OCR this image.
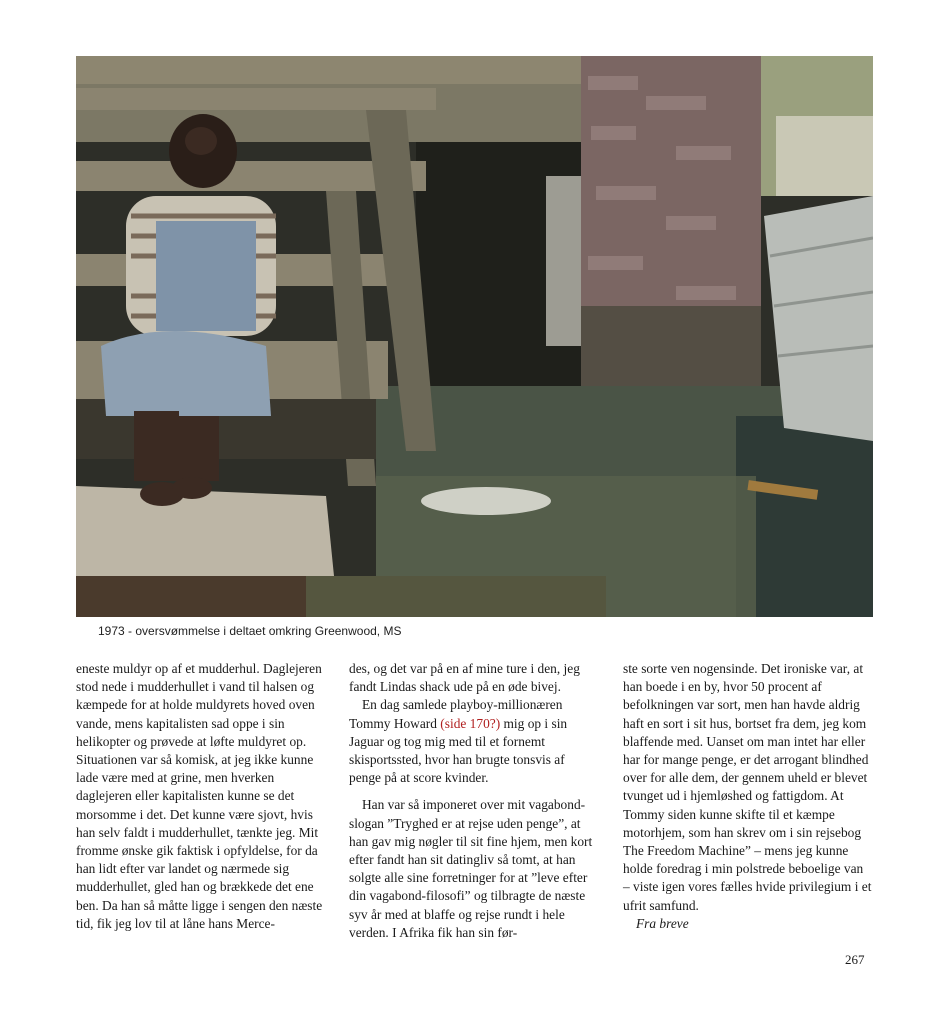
1973 - oversvømmelse i deltaet omkring Greenwood, MS

eneste muldyr op af et mudderhul. Daglejeren stod nede i mudderhullet i vand til halsen og kæmpede for at holde muldyrets hoved oven vande, mens kapitalisten sad oppe i sin helikopter og prøvede at løfte muldyret op. Situationen var så komisk, at jeg ikke kunne lade være med at grine, men hverken daglejeren eller kapitalisten kunne se det morsomme i det. Det kunne være sjovt, hvis han selv faldt i mudderhullet, tænkte jeg. Mit fromme ønske gik faktisk i opfyldelse, for da han lidt efter var landet og nærmede sig mudderhullet, gled han og brækkede det ene ben. Da han så måtte ligge i sengen den næste tid, fik jeg lov til at låne hans Merce-

des, og det var på en af mine ture i den, jeg fandt Lindas shack ude på en øde bivej.

En dag samlede playboy-millionæren Tommy Howard (side 170?) mig op i sin Jaguar og tog mig med til et fornemt skisportssted, hvor han brugte tonsvis af penge på at score kvinder.

Han var så imponeret over mit vagabond-slogan ”Tryghed er at rejse uden penge”, at han gav mig nøgler til sit fine hjem, men kort efter fandt han sit datingliv så tomt, at han solgte alle sine forretninger for at ”leve efter din vagabond-filosofi” og tilbragte de næste syv år med at blaffe og rejse rundt i hele verden. I Afrika fik han sin før-

ste sorte ven nogensinde. Det ironiske var, at han boede i en by, hvor 50 procent af befolkningen var sort, men han havde aldrig haft en sort i sit hus, bortset fra dem, jeg kom blaffende med. Uanset om man intet har eller har for mange penge, er det arrogant blindhed over for alle dem, der gennem uheld er blevet tvunget ud i hjemløshed og fattigdom. At Tommy siden kunne skifte til et kæmpe motorhjem, som han skrev om i sin rejsebog The Freedom Machine” – mens jeg kunne holde foredrag i min polstrede beboelige van – viste igen vores fælles hvide privilegium i et ufrit samfund.

Fra breve

267
